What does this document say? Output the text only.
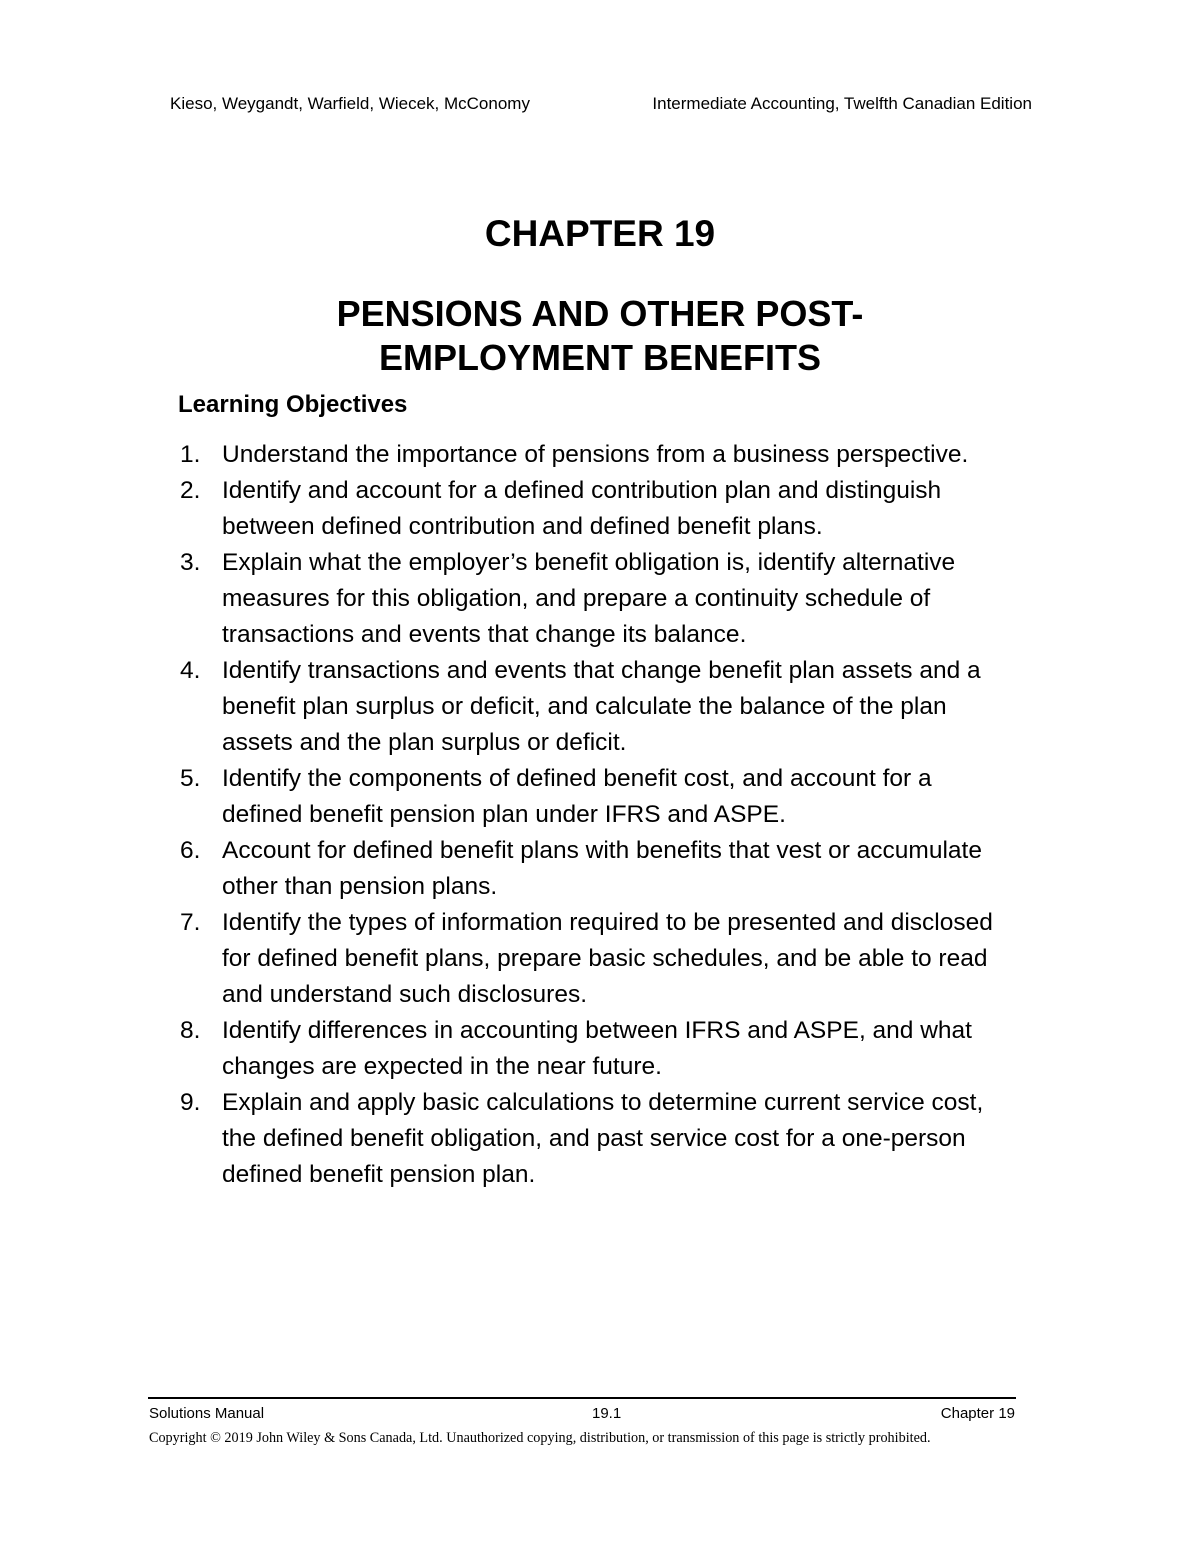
Kieso, Weygandt, Warfield, Wiecek, McConomy	Intermediate Accounting, Twelfth Canadian Edition
CHAPTER 19
PENSIONS AND OTHER POST-
EMPLOYMENT BENEFITS
Learning Objectives
1. Understand the importance of pensions from a business perspective.
2. Identify and account for a defined contribution plan and distinguish between defined contribution and defined benefit plans.
3. Explain what the employer’s benefit obligation is, identify alternative measures for this obligation, and prepare a continuity schedule of transactions and events that change its balance.
4. Identify transactions and events that change benefit plan assets and a benefit plan surplus or deficit, and calculate the balance of the plan assets and the plan surplus or deficit.
5. Identify the components of defined benefit cost, and account for a defined benefit pension plan under IFRS and ASPE.
6. Account for defined benefit plans with benefits that vest or accumulate other than pension plans.
7. Identify the types of information required to be presented and disclosed for defined benefit plans, prepare basic schedules, and be able to read and understand such disclosures.
8. Identify differences in accounting between IFRS and ASPE, and what changes are expected in the near future.
9. Explain and apply basic calculations to determine current service cost, the defined benefit obligation, and past service cost for a one-person defined benefit pension plan.
Solutions Manual	19.1	Chapter 19
Copyright © 2019 John Wiley & Sons Canada, Ltd. Unauthorized copying, distribution, or transmission of this page is strictly prohibited.
